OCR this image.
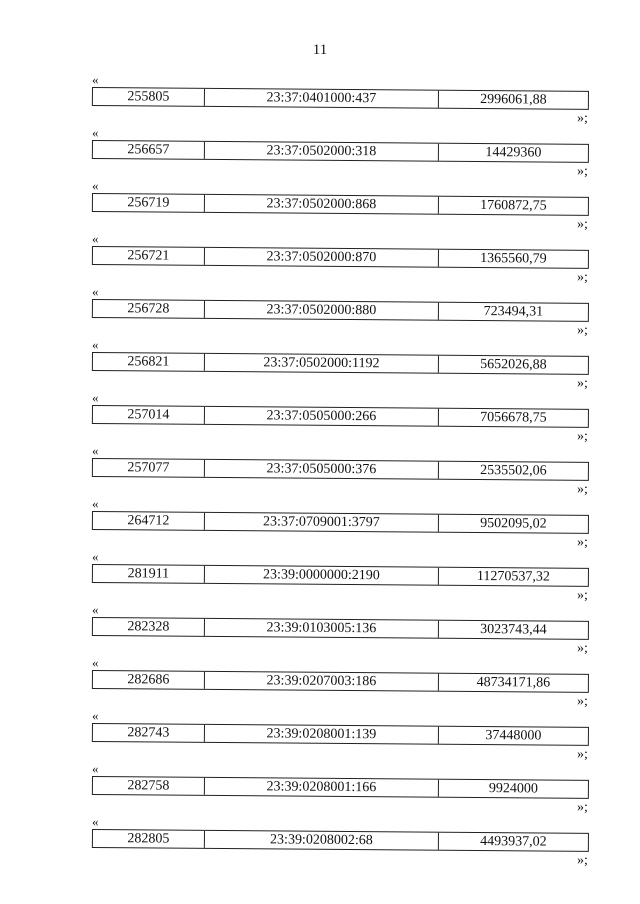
11
«
255805	23:37:0401000:437	2996061,88
»;
«
256657	23:37:0502000:318	14429360
»;
«
256719	23:37:0502000:868	1760872,75
»;
«
256721	23:37:0502000:870	1365560,79
»;
«
256728	23:37:0502000:880	723494,31
»;
«
256821	23:37:0502000:1192	5652026,88
»;
«
257014	23:37:0505000:266	7056678,75
»;
«
257077	23:37:0505000:376	2535502,06
»;
«
264712	23:37:0709001:3797	9502095,02
»;
«
281911	23:39:0000000:2190	11270537,32
»;
«
282328	23:39:0103005:136	3023743,44
»;
«
282686	23:39:0207003:186	48734171,86
»;
«
282743	23:39:0208001:139	37448000
»;
«
282758	23:39:0208001:166	9924000
»;
«
282805	23:39:0208002:68	4493937,02
»;
